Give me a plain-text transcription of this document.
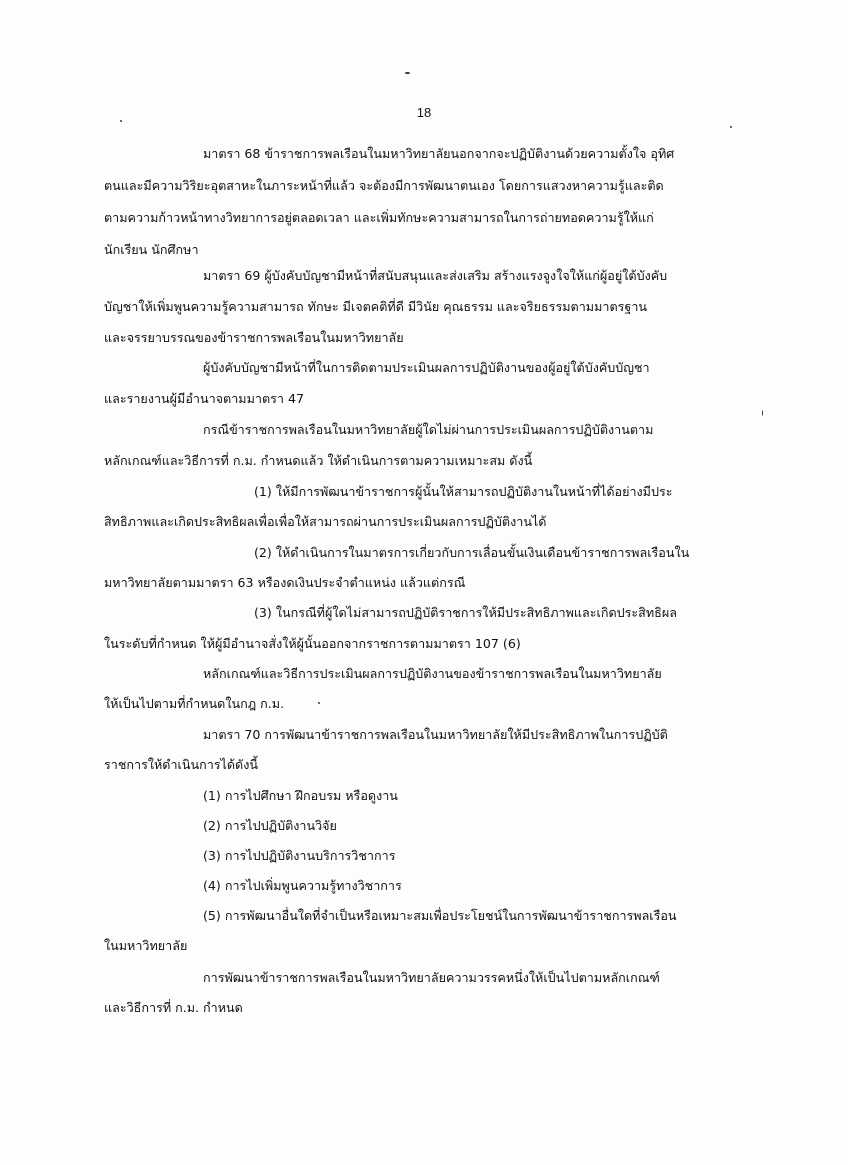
18
มาตรา 68 ข้าราชการพลเรือนในมหาวิทยาลัยนอกจากจะปฏิบัติงานด้วยความตั้งใจ อุทิศ
ตนและมีความวิริยะอุตสาหะในภาระหน้าที่แล้ว จะต้องมีการพัฒนาตนเอง โดยการแสวงหาความรู้และติด
ตามความก้าวหน้าทางวิทยาการอยู่ตลอดเวลา และเพิ่มทักษะความสามารถในการถ่ายทอดความรู้ให้แก่
นักเรียน นักศึกษา
มาตรา 69 ผู้บังคับบัญชามีหน้าที่สนับสนุนและส่งเสริม สร้างแรงจูงใจให้แก่ผู้อยู่ใต้บังคับ
บัญชาให้เพิ่มพูนความรู้ความสามารถ ทักษะ มีเจตคติที่ดี มีวินัย คุณธรรม และจริยธรรมตามมาตรฐาน
และจรรยาบรรณของข้าราชการพลเรือนในมหาวิทยาลัย
ผู้บังคับบัญชามีหน้าที่ในการติดตามประเมินผลการปฏิบัติงานของผู้อยู่ใต้บังคับบัญชา
และรายงานผู้มีอำนาจตามมาตรา 47
กรณีข้าราชการพลเรือนในมหาวิทยาลัยผู้ใดไม่ผ่านการประเมินผลการปฏิบัติงานตาม
หลักเกณฑ์และวิธีการที่ ก.ม. กำหนดแล้ว ให้ดำเนินการตามความเหมาะสม ดังนี้
(1) ให้มีการพัฒนาข้าราชการผู้นั้นให้สามารถปฏิบัติงานในหน้าที่ได้อย่างมีประ
สิทธิภาพและเกิดประสิทธิผลเพื่อเพื่อให้สามารถผ่านการประเมินผลการปฏิบัติงานได้
(2) ให้ดำเนินการในมาตรการเกี่ยวกับการเลื่อนขั้นเงินเดือนข้าราชการพลเรือนใน
มหาวิทยาลัยตามมาตรา 63 หรืองดเงินประจำตำแหน่ง แล้วแต่กรณี
(3) ในกรณีที่ผู้ใดไม่สามารถปฏิบัติราชการให้มีประสิทธิภาพและเกิดประสิทธิผล
ในระดับที่กำหนด ให้ผู้มีอำนาจสั่งให้ผู้นั้นออกจากราชการตามมาตรา 107 (6)
หลักเกณฑ์และวิธีการประเมินผลการปฏิบัติงานของข้าราชการพลเรือนในมหาวิทยาลัย
ให้เป็นไปตามที่กำหนดในกฎ ก.ม.
มาตรา 70 การพัฒนาข้าราชการพลเรือนในมหาวิทยาลัยให้มีประสิทธิภาพในการปฏิบัติ
ราชการให้ดำเนินการได้ดังนี้
(1) การไปศึกษา ฝึกอบรม หรือดูงาน
(2) การไปปฏิบัติงานวิจัย
(3) การไปปฏิบัติงานบริการวิชาการ
(4) การไปเพิ่มพูนความรู้ทางวิชาการ
(5) การพัฒนาอื่นใดที่จำเป็นหรือเหมาะสมเพื่อประโยชน์ในการพัฒนาข้าราชการพลเรือน
ในมหาวิทยาลัย
การพัฒนาข้าราชการพลเรือนในมหาวิทยาลัยความวรรคหนึ่งให้เป็นไปตามหลักเกณฑ์
และวิธีการที่ ก.ม. กำหนด
